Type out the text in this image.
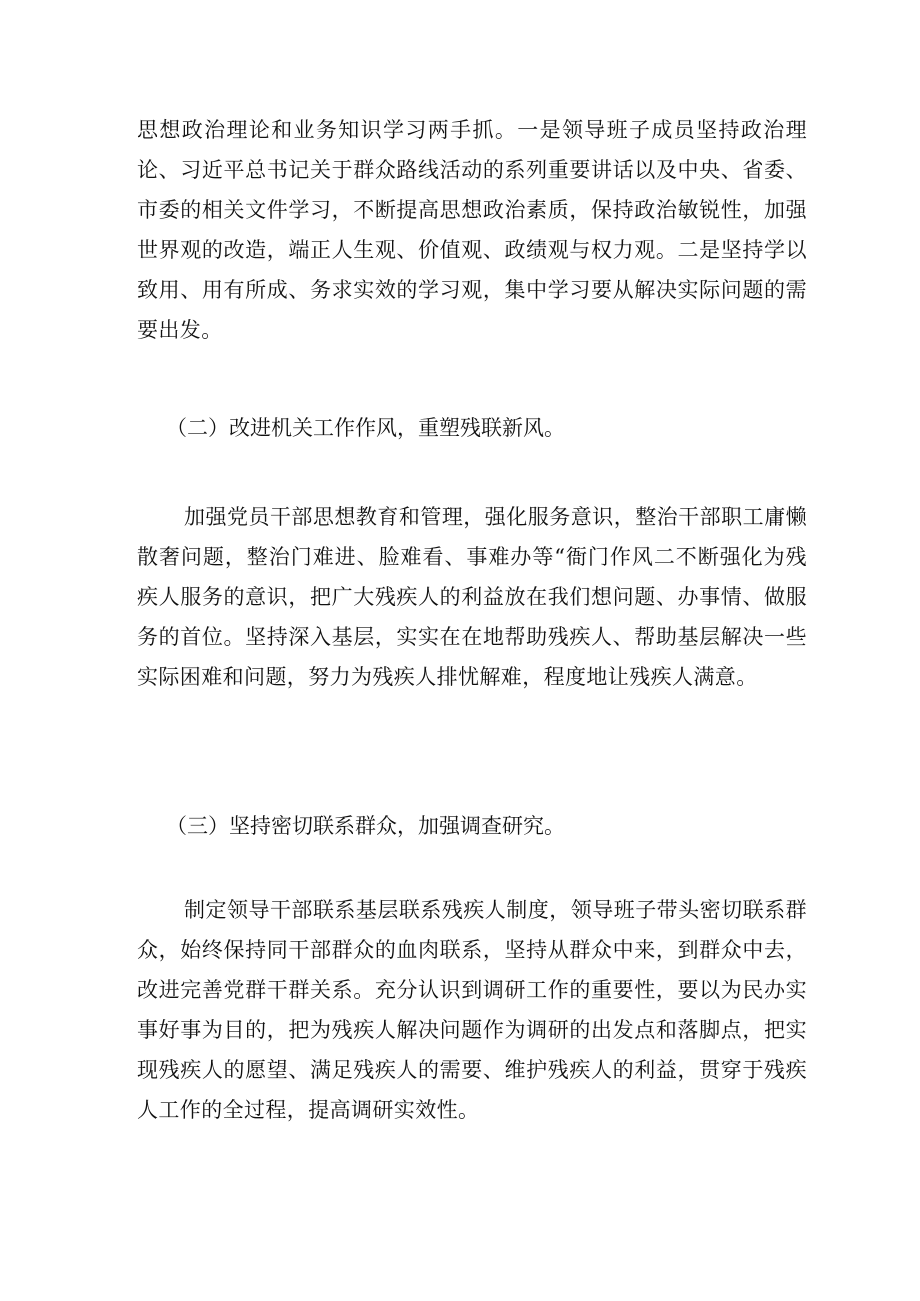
思想政治理论和业务知识学习两手抓。一是领导班子成员坚持政治理论、习近平总书记关于群众路线活动的系列重要讲话以及中央、省委、市委的相关文件学习，不断提高思想政治素质，保持政治敏锐性，加强世界观的改造，端正人生观、价值观、政绩观与权力观。二是坚持学以致用、用有所成、务求实效的学习观，集中学习要从解决实际问题的需要出发。

（二）改进机关工作作风，重塑残联新风。

加强党员干部思想教育和管理，强化服务意识，整治干部职工庸懒散奢问题，整治门难进、脸难看、事难办等“衙门作风二不断强化为残疾人服务的意识，把广大残疾人的利益放在我们想问题、办事情、做服务的首位。坚持深入基层，实实在在地帮助残疾人、帮助基层解决一些实际困难和问题，努力为残疾人排忧解难，程度地让残疾人满意。

（三）坚持密切联系群众，加强调查研究。

制定领导干部联系基层联系残疾人制度，领导班子带头密切联系群众，始终保持同干部群众的血肉联系，坚持从群众中来，到群众中去，改进完善党群干群关系。充分认识到调研工作的重要性，要以为民办实事好事为目的，把为残疾人解决问题作为调研的出发点和落脚点，把实现残疾人的愿望、满足残疾人的需要、维护残疾人的利益，贯穿于残疾人工作的全过程，提高调研实效性。
